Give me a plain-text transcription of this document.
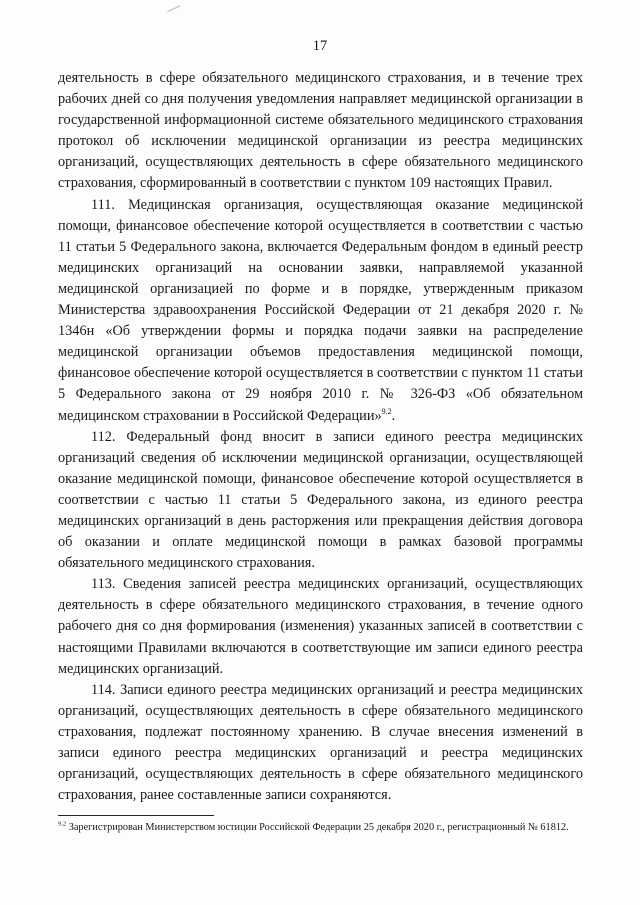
17

деятельность в сфере обязательного медицинского страхования, и в течение трех рабочих дней со дня получения уведомления направляет медицинской организации в государственной информационной системе обязательного медицинского страхования протокол об исключении медицинской организации из реестра медицинских организаций, осуществляющих деятельность в сфере обязательного медицинского страхования, сформированный в соответствии с пунктом 109 настоящих Правил.

111. Медицинская организация, осуществляющая оказание медицинской помощи, финансовое обеспечение которой осуществляется в соответствии с частью 11 статьи 5 Федерального закона, включается Федеральным фондом в единый реестр медицинских организаций на основании заявки, направляемой указанной медицинской организацией по форме и в порядке, утвержденным приказом Министерства здравоохранения Российской Федерации от 21 декабря 2020 г. № 1346н «Об утверждении формы и порядка подачи заявки на распределение медицинской организации объемов предоставления медицинской помощи, финансовое обеспечение которой осуществляется в соответствии с пунктом 11 статьи 5 Федерального закона от 29 ноября 2010 г. № 326-ФЗ «Об обязательном медицинском страховании в Российской Федерации»$^{9.2}$.

112. Федеральный фонд вносит в записи единого реестра медицинских организаций сведения об исключении медицинской организации, осуществляющей оказание медицинской помощи, финансовое обеспечение которой осуществляется в соответствии с частью 11 статьи 5 Федерального закона, из единого реестра медицинских организаций в день расторжения или прекращения действия договора об оказании и оплате медицинской помощи в рамках базовой программы обязательного медицинского страхования.

113. Сведения записей реестра медицинских организаций, осуществляющих деятельность в сфере обязательного медицинского страхования, в течение одного рабочего дня со дня формирования (изменения) указанных записей в соответствии с настоящими Правилами включаются в соответствующие им записи единого реестра медицинских организаций.

114. Записи единого реестра медицинских организаций и реестра медицинских организаций, осуществляющих деятельность в сфере обязательного медицинского страхования, подлежат постоянному хранению. В случае внесения изменений в записи единого реестра медицинских организаций и реестра медицинских организаций, осуществляющих деятельность в сфере обязательного медицинского страхования, ранее составленные записи сохраняются.

$^{9.2}$ Зарегистрирован Министерством юстиции Российской Федерации 25 декабря 2020 г., регистрационный № 61812.
